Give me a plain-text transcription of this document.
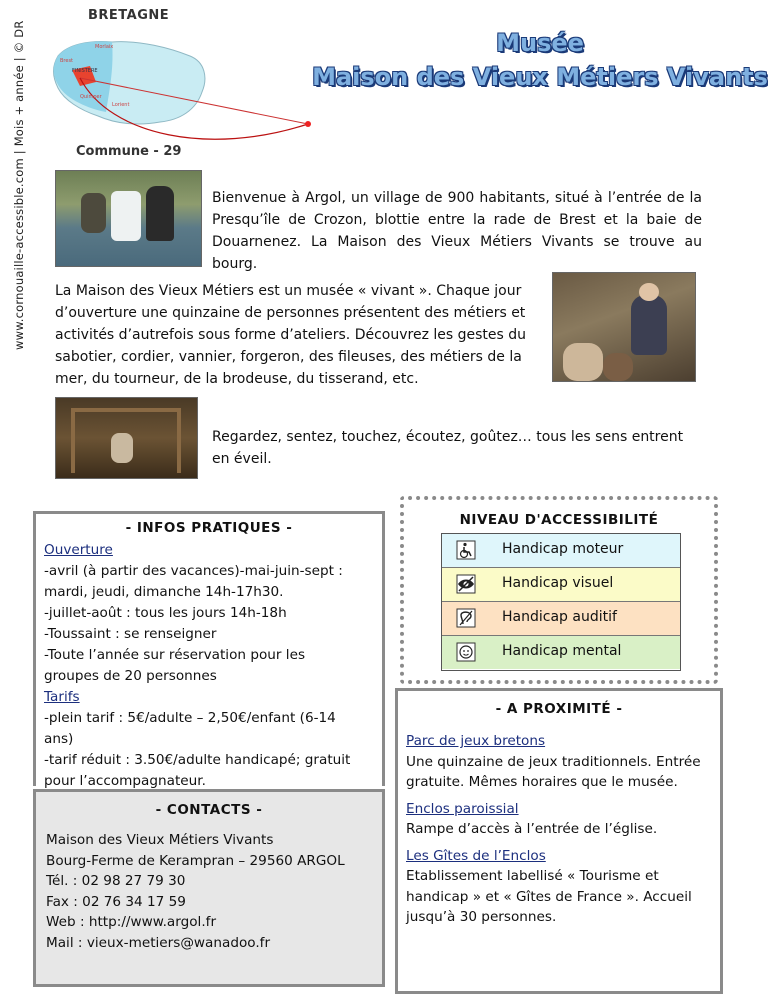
www.cornouaille-accessible.com | Mois + année | © DR
BRETAGNE
Morlaix
Brest
FINISTERE
Quimper
Lorient
Commune - 29
Musée
Maison des Vieux Métiers Vivants
Bienvenue à Argol, un village de 900 habitants, situé à l’entrée de la Presqu’île de Crozon, blottie entre la rade de Brest et la baie de Douarnenez. La Maison des Vieux Métiers Vivants se trouve au bourg.
La Maison des Vieux Métiers est un musée « vivant ». Chaque jour d’ouverture une quinzaine de personnes présentent des métiers et activités d’autrefois sous forme d’ateliers. Découvrez les gestes du sabotier, cordier, vannier, forgeron, des fileuses, des métiers de la mer, du tourneur, de la brodeuse, du tisserand, etc.
Regardez, sentez, touchez, écoutez, goûtez… tous les sens entrent en éveil.
- INFOS PRATIQUES -
Ouverture
-avril (à partir des vacances)-mai-juin-sept :
mardi, jeudi, dimanche 14h-17h30.
-juillet-août : tous les jours 14h-18h
-Toussaint : se renseigner
-Toute l’année sur réservation pour les
groupes de 20 personnes
Tarifs
-plein tarif : 5€/adulte – 2,50€/enfant (6-14
ans)
-tarif réduit : 3.50€/adulte handicapé; gratuit
pour l’accompagnateur.
- CONTACTS -
Maison des Vieux Métiers Vivants
Bourg-Ferme de Kerampran – 29560 ARGOL
Tél. : 02 98 27 79 30
Fax : 02 76 34 17 59
Web : http://www.argol.fr
Mail : vieux-metiers@wanadoo.fr
NIVEAU D'ACCESSIBILITÉ
Handicap moteur
Handicap visuel
Handicap auditif
Handicap mental
- A PROXIMITÉ -
Parc de jeux bretons
Une quinzaine de jeux traditionnels. Entrée
gratuite. Mêmes horaires que le musée.
Enclos paroissial
Rampe d’accès à l’entrée de l’église.
Les Gîtes de l’Enclos
Etablissement labellisé « Tourisme et
handicap » et « Gîtes de France ». Accueil
jusqu’à 30 personnes.
